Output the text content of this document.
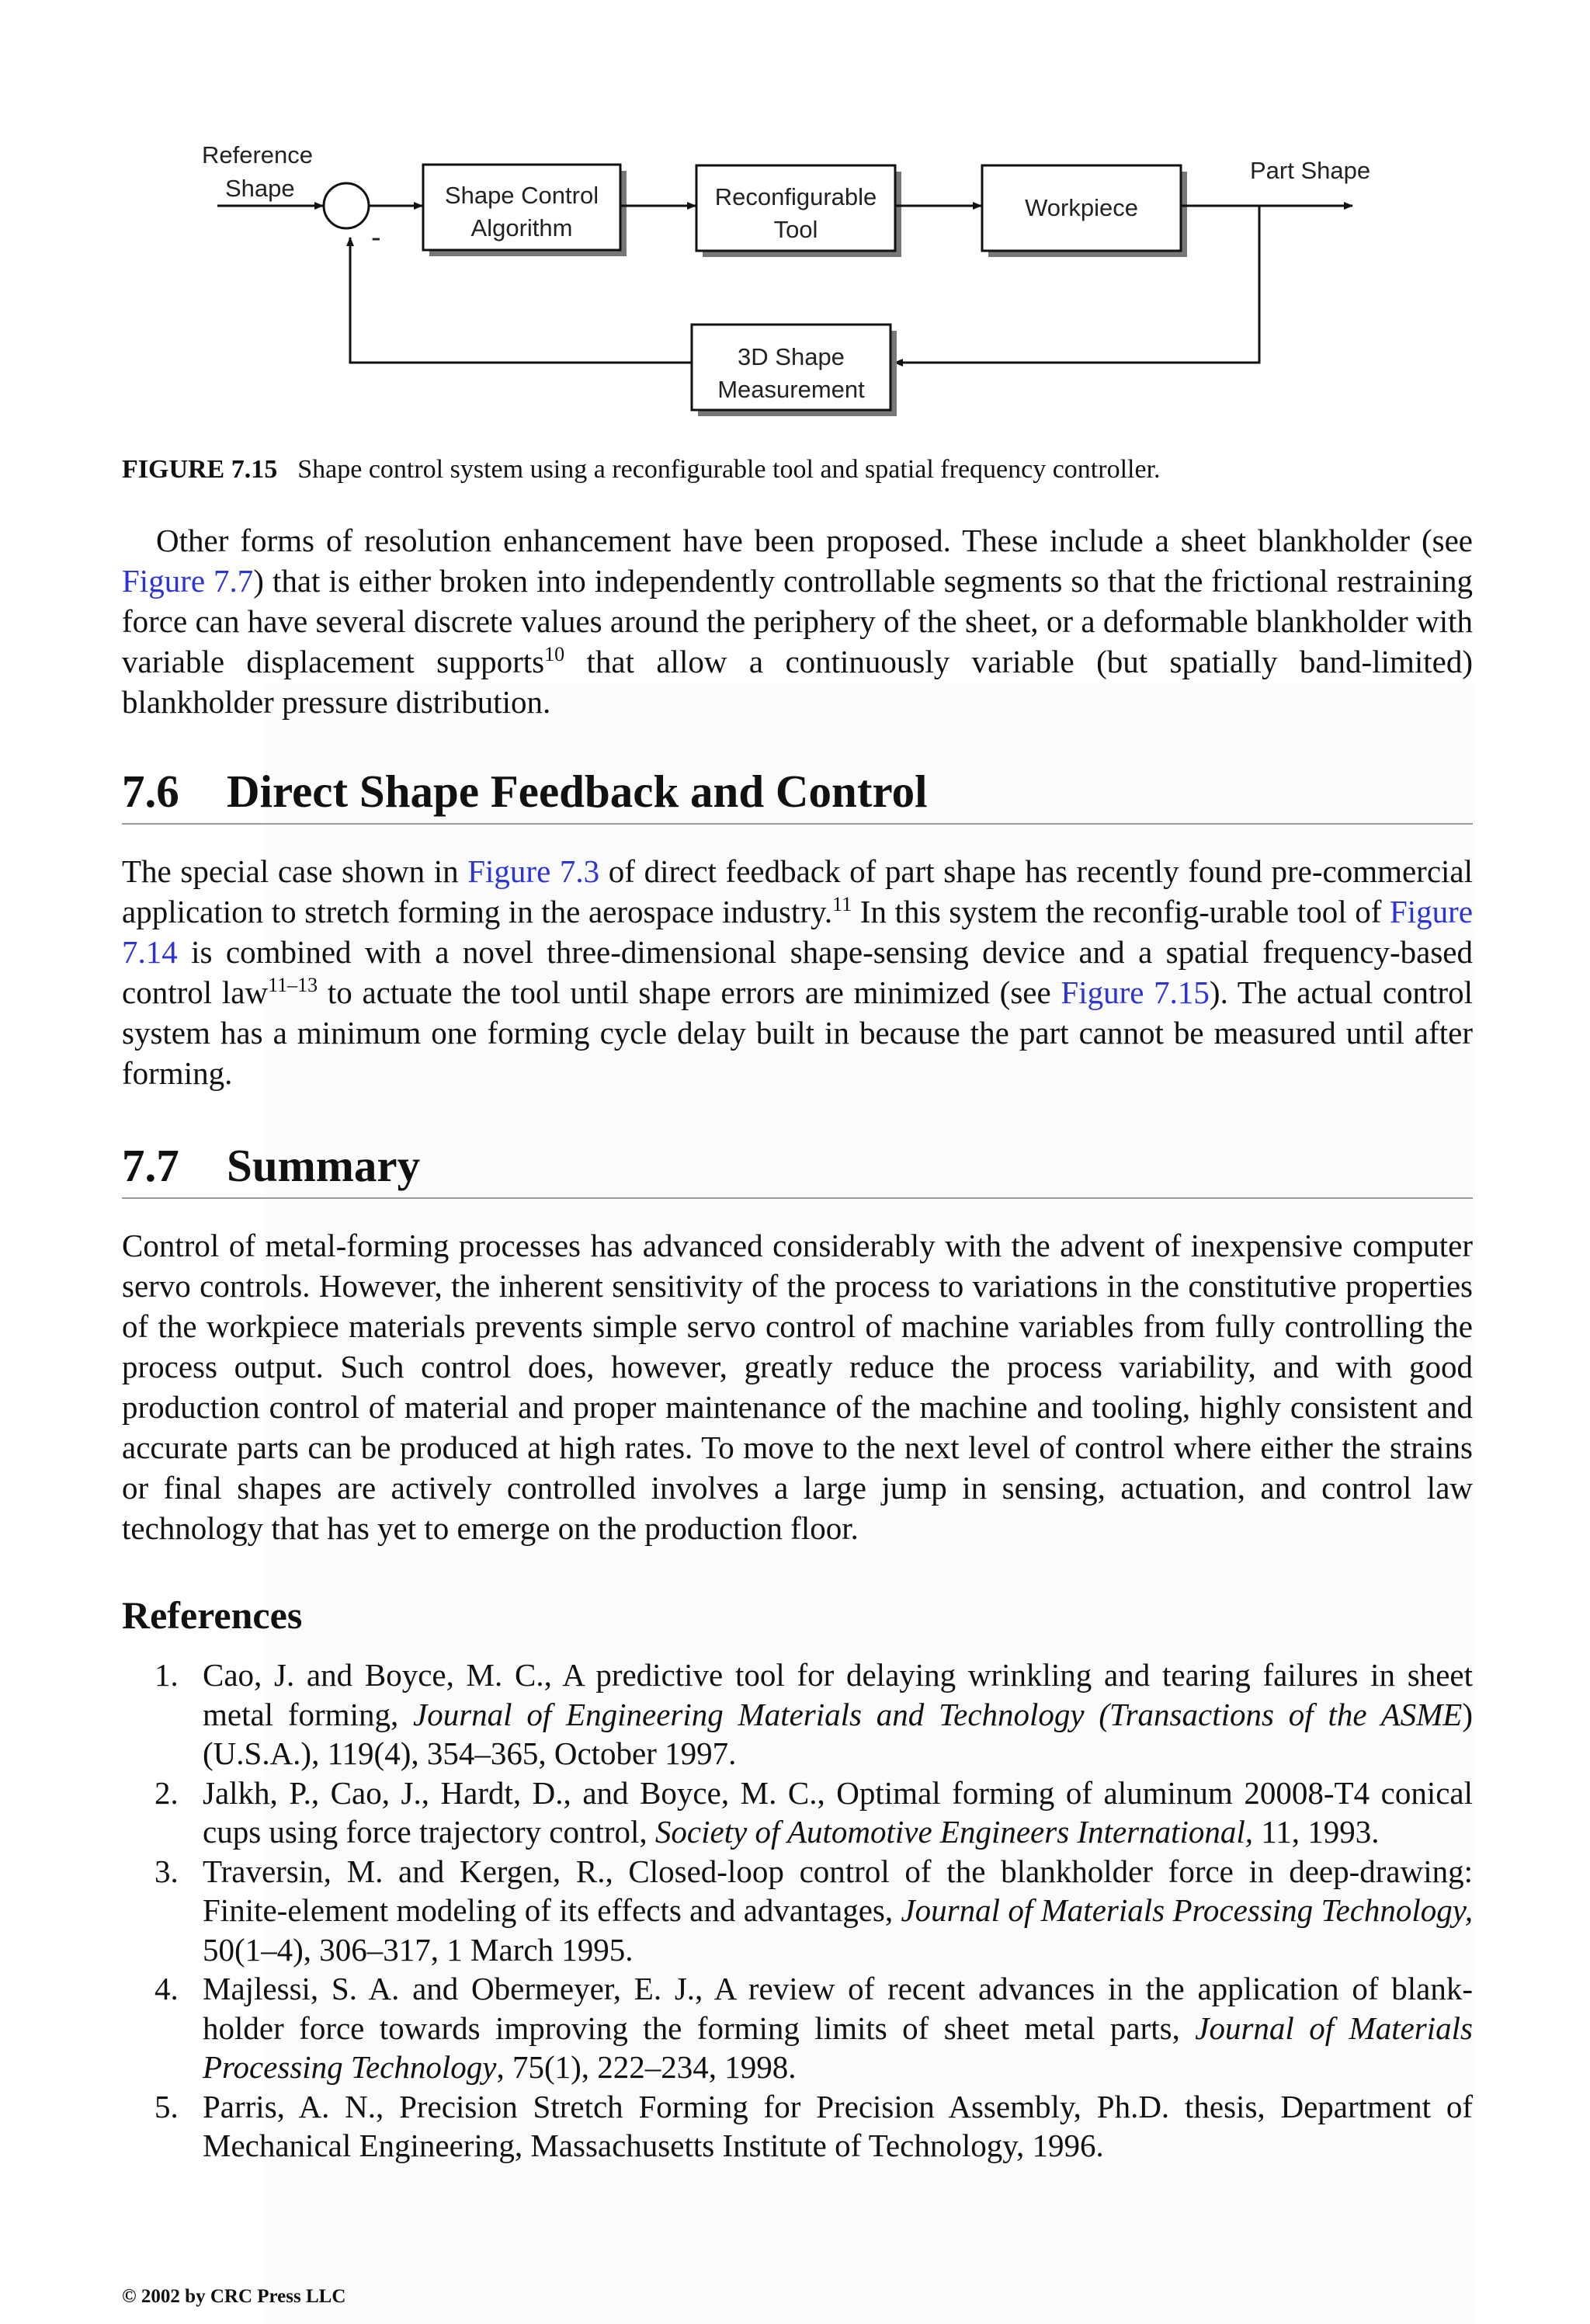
Reference
Shape
-
Shape Control
Algorithm
Reconfigurable
Tool
Workpiece
Part Shape
3D Shape
Measurement
FIGURE 7.15 Shape control system using a reconfigurable tool and spatial frequency controller.
Other forms of resolution enhancement have been proposed. These include a sheet blankholder (see Figure 7.7) that is either broken into independently controllable segments so that the frictional restraining force can have several discrete values around the periphery of the sheet, or a deformable blankholder with variable displacement supports$^{10}$ that allow a continuously variable (but spatially band-limited) blankholder pressure distribution.
7.6 Direct Shape Feedback and Control
The special case shown in Figure 7.3 of direct feedback of part shape has recently found pre-commercial application to stretch forming in the aerospace industry.$^{11}$ In this system the reconfig-urable tool of Figure 7.14 is combined with a novel three-dimensional shape-sensing device and a spatial frequency-based control law$^{11-13}$ to actuate the tool until shape errors are minimized (see Figure 7.15). The actual control system has a minimum one forming cycle delay built in because the part cannot be measured until after forming.
7.7 Summary
Control of metal-forming processes has advanced considerably with the advent of inexpensive computer servo controls. However, the inherent sensitivity of the process to variations in the constitutive properties of the workpiece materials prevents simple servo control of machine variables from fully controlling the process output. Such control does, however, greatly reduce the process variability, and with good production control of material and proper maintenance of the machine and tooling, highly consistent and accurate parts can be produced at high rates. To move to the next level of control where either the strains or final shapes are actively controlled involves a large jump in sensing, actuation, and control law technology that has yet to emerge on the production floor.
References
1. Cao, J. and Boyce, M. C., A predictive tool for delaying wrinkling and tearing failures in sheet metal forming, Journal of Engineering Materials and Technology (Transactions of the ASME) (U.S.A.), 119(4), 354–365, October 1997.
2. Jalkh, P., Cao, J., Hardt, D., and Boyce, M. C., Optimal forming of aluminum 20008-T4 conical cups using force trajectory control, Society of Automotive Engineers International, 11, 1993.
3. Traversin, M. and Kergen, R., Closed-loop control of the blankholder force in deep-drawing: Finite-element modeling of its effects and advantages, Journal of Materials Processing Technology, 50(1–4), 306–317, 1 March 1995.
4. Majlessi, S. A. and Obermeyer, E. J., A review of recent advances in the application of blank-holder force towards improving the forming limits of sheet metal parts, Journal of Materials Processing Technology, 75(1), 222–234, 1998.
5. Parris, A. N., Precision Stretch Forming for Precision Assembly, Ph.D. thesis, Department of Mechanical Engineering, Massachusetts Institute of Technology, 1996.
© 2002 by CRC Press LLC
